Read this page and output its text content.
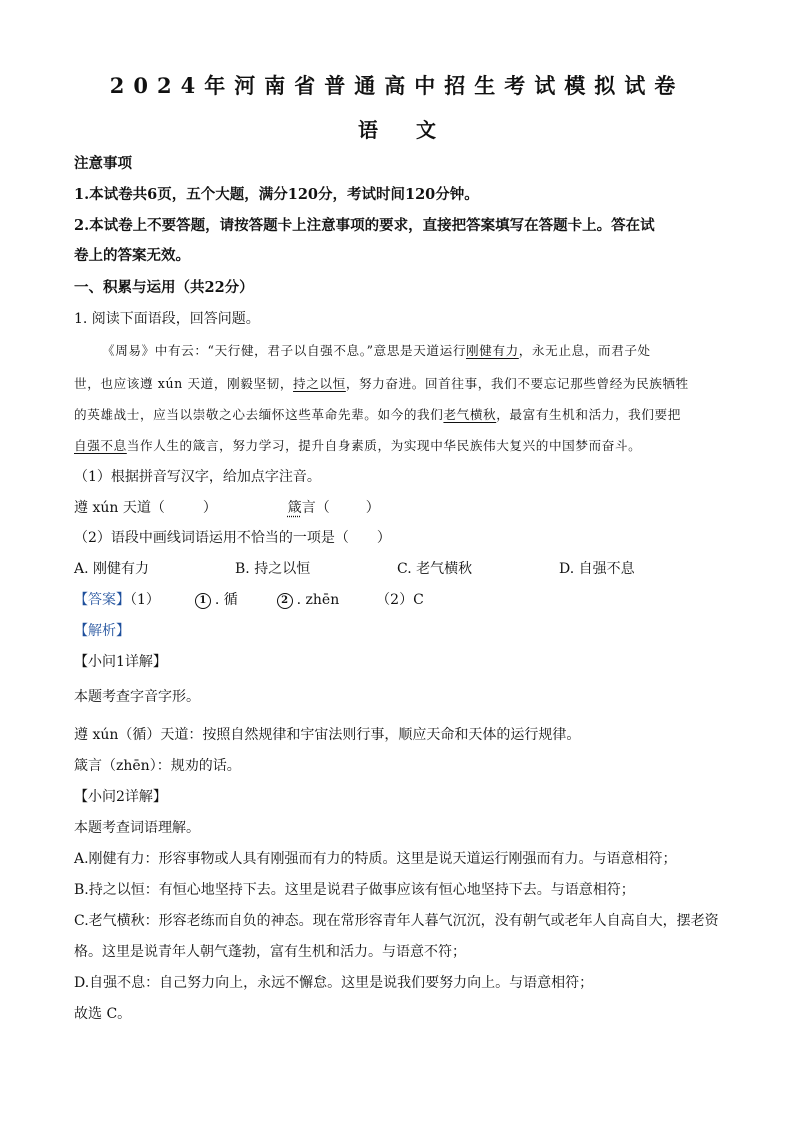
2024年河南省普通高中招生考试模拟试卷
语 文
注意事项
1.本试卷共6页，五个大题，满分120分，考试时间120分钟。
2.本试卷上不要答题，请按答题卡上注意事项的要求，直接把答案填写在答题卡上。答在试
卷上的答案无效。
一、积累与运用（共22分）
1. 阅读下面语段，回答问题。
《周易》中有云：“天行健，君子以自强不息。”意思是天道运行刚健有力，永无止息，而君子处
世，也应该遵 xún 天道，刚毅坚韧，持之以恒，努力奋进。回首往事，我们不要忘记那些曾经为民族牺牲
的英雄战士，应当以崇敬之心去缅怀这些革命先辈。如今的我们老气横秋，最富有生机和活力，我们要把
自强不息当作人生的箴言，努力学习，提升自身素质，为实现中华民族伟大复兴的中国梦而奋斗。
（1）根据拼音写汉字，给加点字注音。
遵 xún 天道（	）	箴言（	）
（2）语段中画线词语运用不恰当的一项是（　　）
A. 刚健有力	B. 持之以恒	C. 老气横秋	D. 自强不息
【答案】（1）	1 . 循	2 . zhēn	（2）C
【解析】
【小问1详解】
本题考查字音字形。
遵 xún（循）天道：按照自然规律和宇宙法则行事，顺应天命和天体的运行规律。
箴言（zhēn）：规劝的话。
【小问2详解】
本题考查词语理解。
A.刚健有力：形容事物或人具有刚强而有力的特质。这里是说天道运行刚强而有力。与语意相符；
B.持之以恒：有恒心地坚持下去。这里是说君子做事应该有恒心地坚持下去。与语意相符；
C.老气横秋：形容老练而自负的神态。现在常形容青年人暮气沉沉，没有朝气或老年人自高自大，摆老资
格。这里是说青年人朝气蓬勃，富有生机和活力。与语意不符；
D.自强不息：自己努力向上，永远不懈怠。这里是说我们要努力向上。与语意相符；
故选 C。
